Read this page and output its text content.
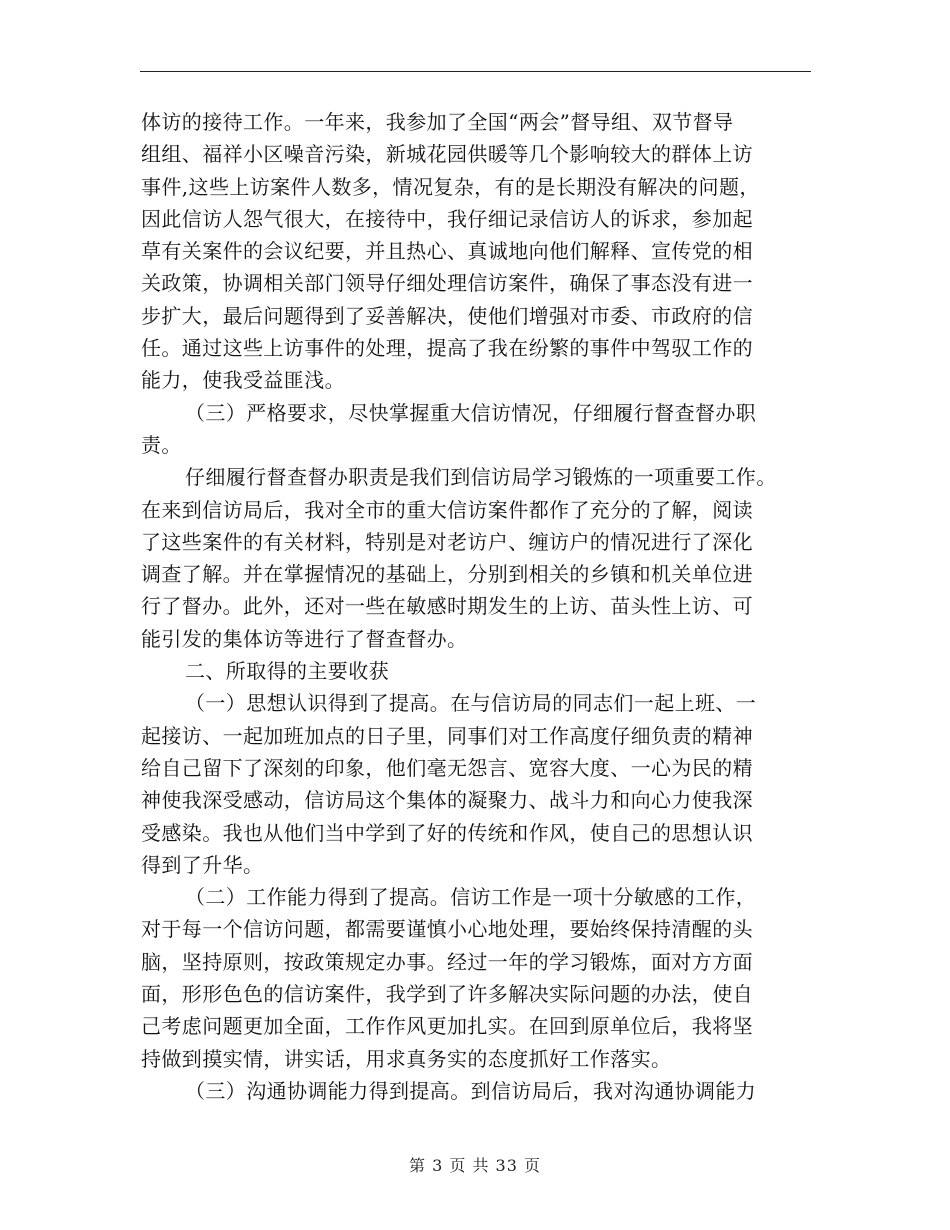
体访的接待工作。一年来，我参加了全国“两会”督导组、双节督导
组组、福祥小区噪音污染，新城花园供暖等几个影响较大的群体上访
事件,这些上访案件人数多，情况复杂，有的是长期没有解决的问题，
因此信访人怨气很大，在接待中，我仔细记录信访人的诉求，参加起
草有关案件的会议纪要，并且热心、真诚地向他们解释、宣传党的相
关政策，协调相关部门领导仔细处理信访案件，确保了事态没有进一
步扩大，最后问题得到了妥善解决，使他们增强对市委、市政府的信
任。通过这些上访事件的处理，提高了我在纷繁的事件中驾驭工作的
能力，使我受益匪浅。
（三）严格要求，尽快掌握重大信访情况，仔细履行督查督办职
责。
仔细履行督查督办职责是我们到信访局学习锻炼的一项重要工作。
在来到信访局后，我对全市的重大信访案件都作了充分的了解，阅读
了这些案件的有关材料，特别是对老访户、缠访户的情况进行了深化
调查了解。并在掌握情况的基础上，分别到相关的乡镇和机关单位进
行了督办。此外，还对一些在敏感时期发生的上访、苗头性上访、可
能引发的集体访等进行了督查督办。
二、所取得的主要收获
（一）思想认识得到了提高。在与信访局的同志们一起上班、一
起接访、一起加班加点的日子里，同事们对工作高度仔细负责的精神
给自己留下了深刻的印象，他们毫无怨言、宽容大度、一心为民的精
神使我深受感动，信访局这个集体的凝聚力、战斗力和向心力使我深
受感染。我也从他们当中学到了好的传统和作风，使自己的思想认识
得到了升华。
（二）工作能力得到了提高。信访工作是一项十分敏感的工作，
对于每一个信访问题，都需要谨慎小心地处理，要始终保持清醒的头
脑，坚持原则，按政策规定办事。经过一年的学习锻炼，面对方方面
面，形形色色的信访案件，我学到了许多解决实际问题的办法，使自
己考虑问题更加全面，工作作风更加扎实。在回到原单位后，我将坚
持做到摸实情，讲实话，用求真务实的态度抓好工作落实。
（三）沟通协调能力得到提高。到信访局后，我对沟通协调能力
第 3 页 共 33 页
